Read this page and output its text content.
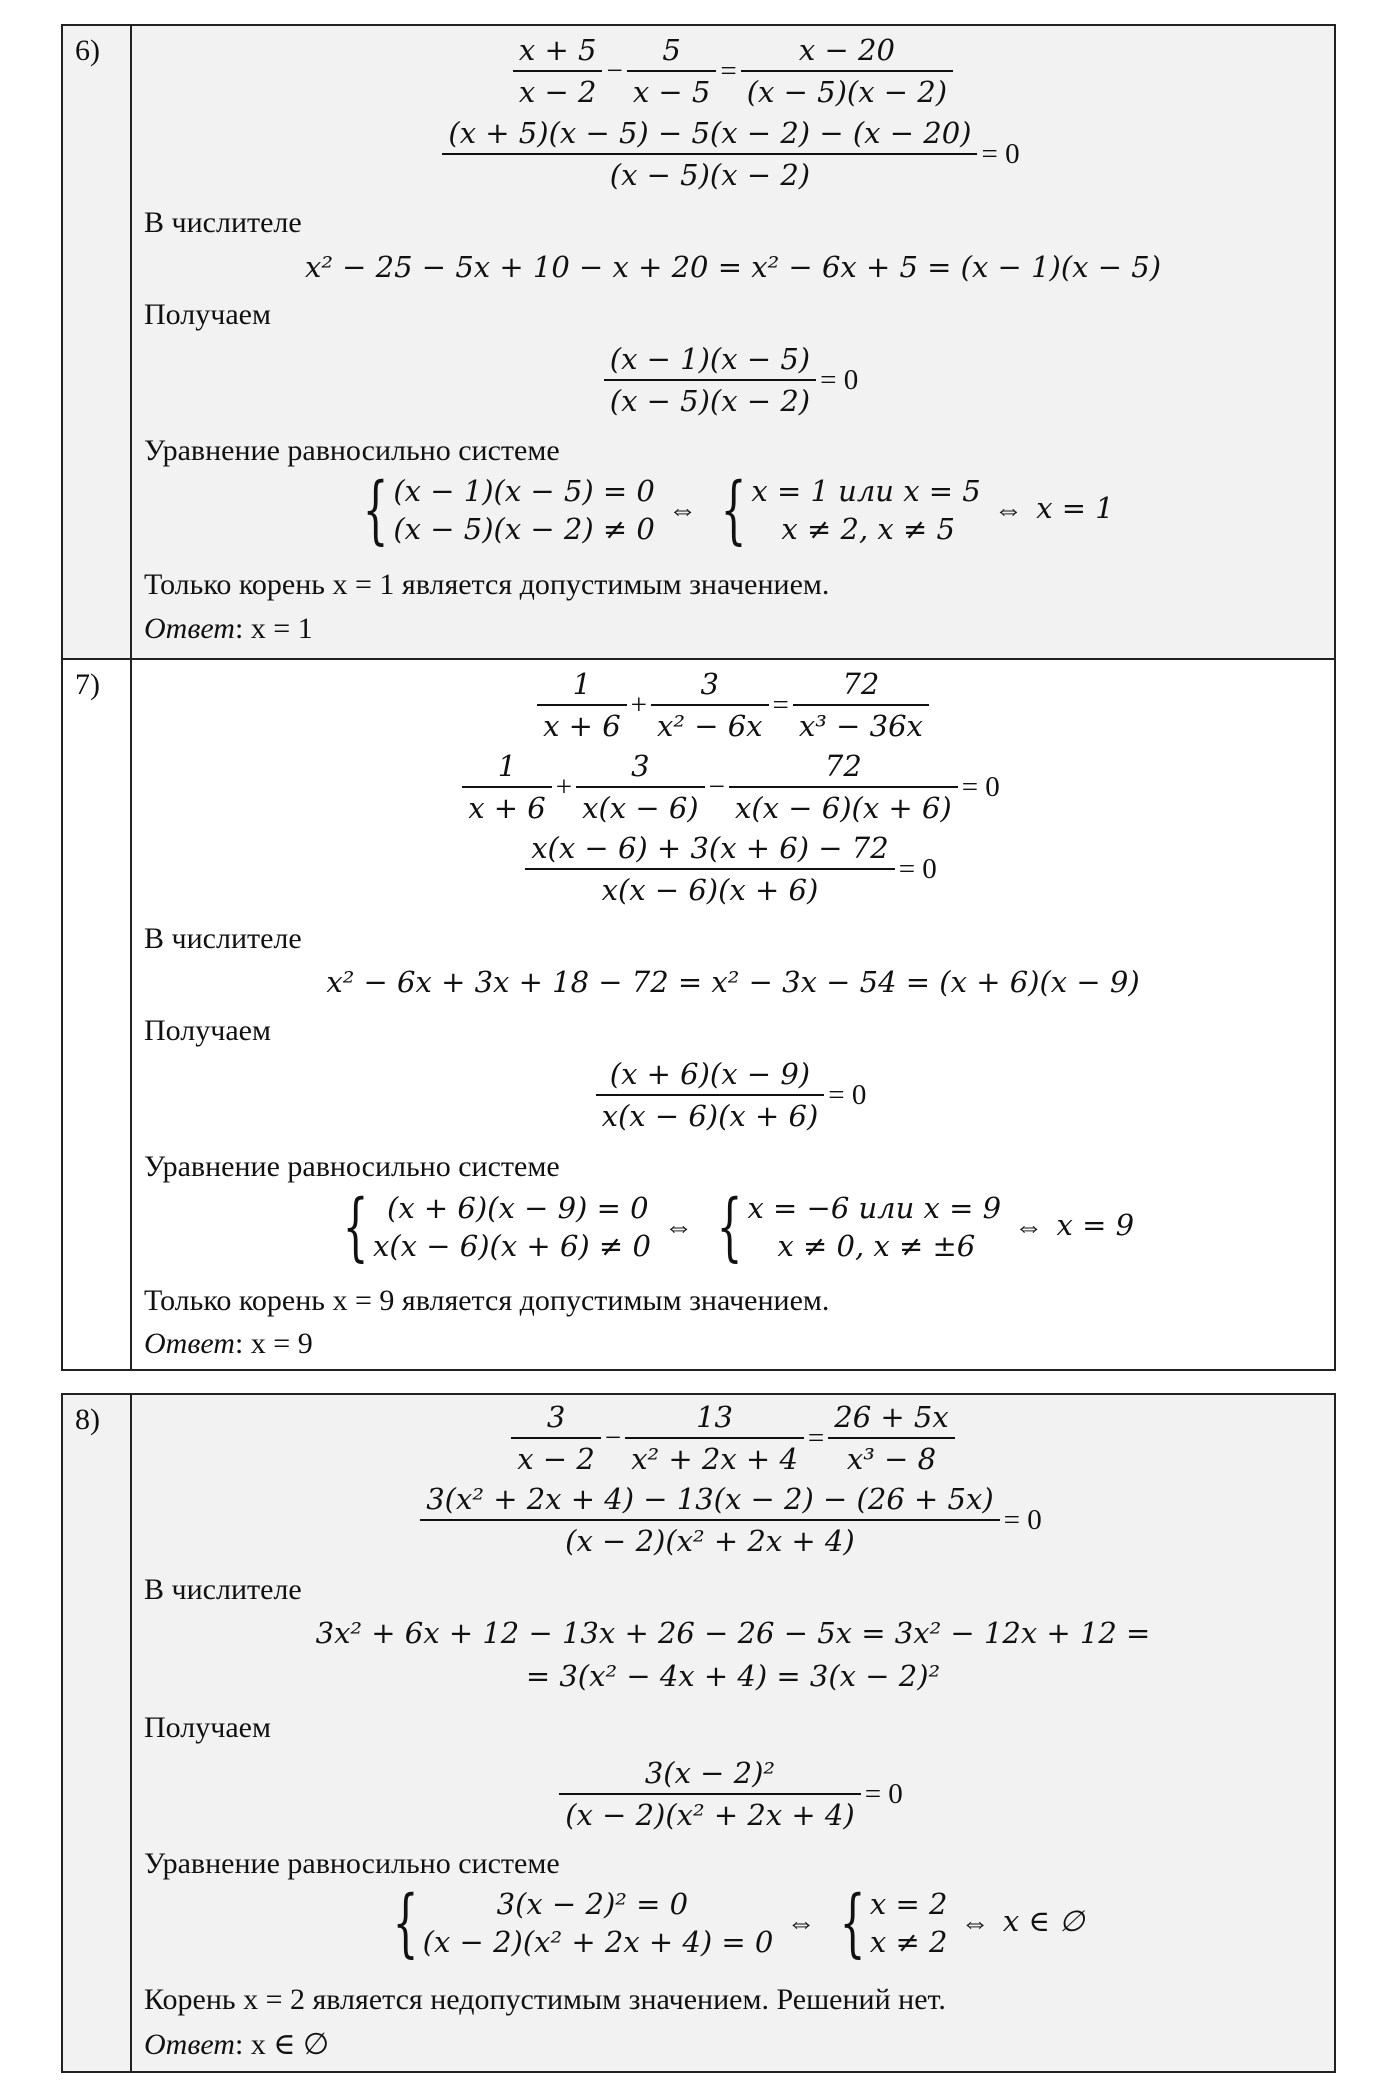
6)	$\frac{x + 5}{x - 2} - \frac{5}{x - 5} = \frac{x - 20}{(x - 5)(x - 2)}$
$\frac{(x + 5)(x - 5) - 5(x - 2) - (x - 20)}{(x - 5)(x - 2)} = 0$
В числителе
x² − 25 − 5x + 10 − x + 20 = x² − 6x + 5 = (x − 1)(x − 5)
Получаем
$\frac{(x - 1)(x - 5)}{(x - 5)(x - 2)} = 0$
Уравнение равносильно системе
{ (x − 1)(x − 5) = 0
(x − 5)(x − 2) ≠ 0
⇔ { x = 1 или x = 5
x ≠ 2, x ≠ 5
⇔ x = 1
Только корень x = 1 является допустимым значением.
Ответ: x = 1
7)	$\frac{1}{x + 6} + \frac{3}{\text{x² − 6x}} = \frac{72}{\text{x³ − 36x}}$
$\frac{1}{x + 6} + \frac{3}{x(x - 6)} - \frac{72}{x(x - 6)(x + 6)} = 0$
$\frac{x(x - 6) + 3(x + 6) - 72}{x(x - 6)(x + 6)} = 0$
В числителе
x² − 6x + 3x + 18 − 72 = x² − 3x − 54 = (x + 6)(x − 9)
Получаем
$\frac{(x + 6)(x - 9)}{x(x - 6)(x + 6)} = 0$
Уравнение равносильно системе
{ (x + 6)(x − 9) = 0
x(x − 6)(x + 6) ≠ 0
⇔ { x = −6 или x = 9
x ≠ 0, x ≠ ±6
⇔ x = 9
Только корень x = 9 является допустимым значением.
Ответ: x = 9
8)	$\frac{3}{x - 2} - \frac{13}{\text{x² + 2x + 4}} = \frac{26 + 5x}{\text{x³ − 8}}$
$\frac{\text{3(x² + 2x + 4) − 13(x − 2) − (26 + 5x)}}{\text{(x − 2)(x² + 2x + 4)}} = 0$
В числителе
3x² + 6x + 12 − 13x + 26 − 26 − 5x = 3x² − 12x + 12 =
= 3(x² − 4x + 4) = 3(x − 2)²
Получаем
$\frac{\text{3(x − 2)²}}{\text{(x − 2)(x² + 2x + 4)}} = 0$
Уравнение равносильно системе
{	3(x − 2)² = 0
(x − 2)(x² + 2x + 4) = 0
⇔ { x = 2
x ≠ 2
⇔ x ∈ ∅
Корень x = 2 является недопустимым значением. Решений нет.
Ответ: x ∈ ∅
